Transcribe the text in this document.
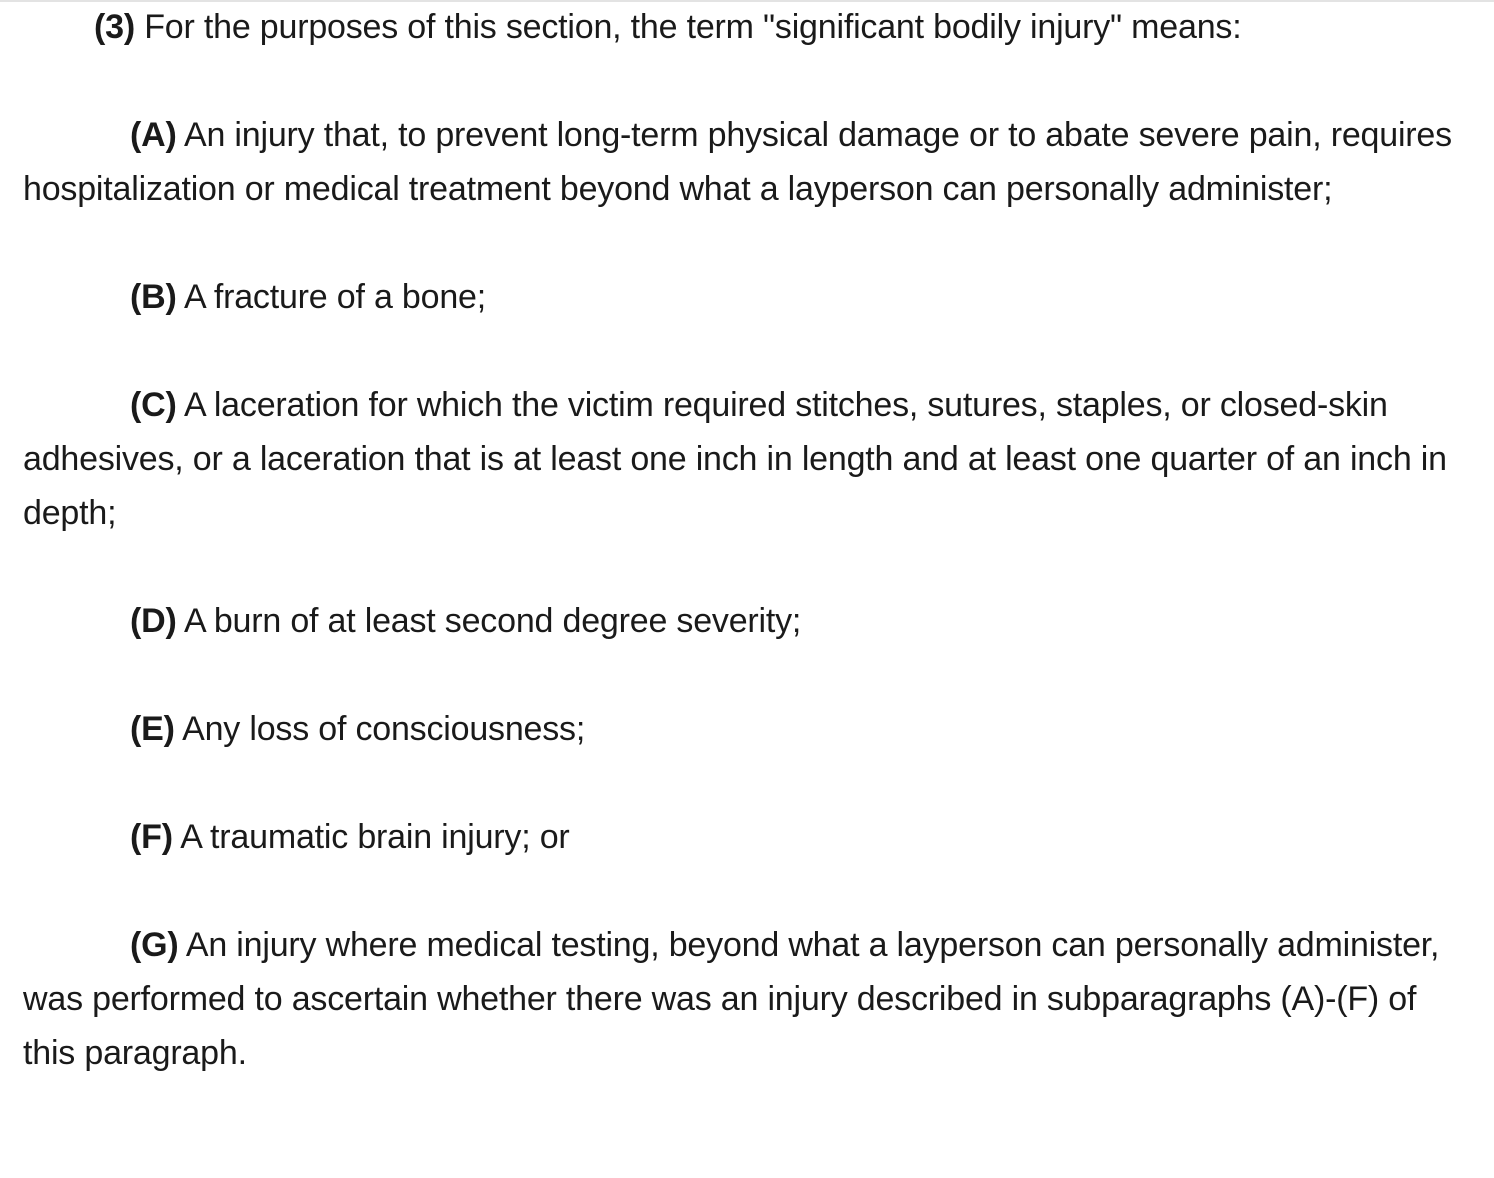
(3) For the purposes of this section, the term "significant bodily injury" means:

(A) An injury that, to prevent long-term physical damage or to abate severe pain, requires hospitalization or medical treatment beyond what a layperson can personally administer;

(B) A fracture of a bone;

(C) A laceration for which the victim required stitches, sutures, staples, or closed-skin adhesives, or a laceration that is at least one inch in length and at least one quarter of an inch in depth;

(D) A burn of at least second degree severity;

(E) Any loss of consciousness;

(F) A traumatic brain injury; or

(G) An injury where medical testing, beyond what a layperson can personally administer, was performed to ascertain whether there was an injury described in subparagraphs (A)-(F) of this paragraph.
